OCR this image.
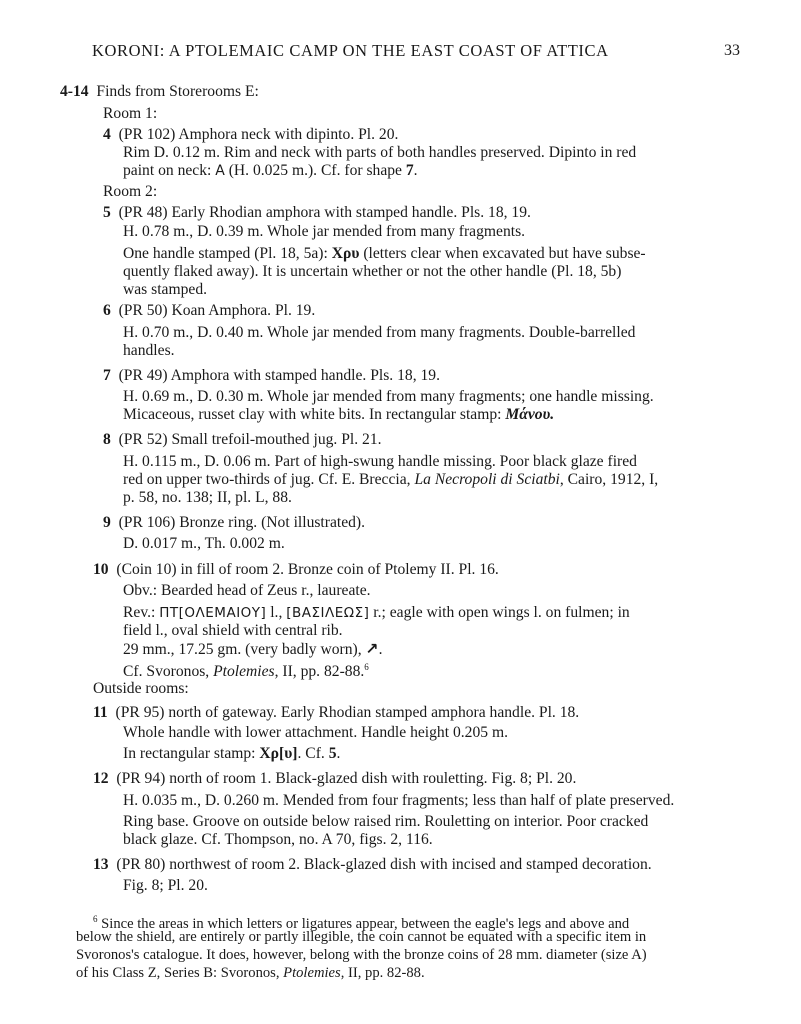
KORONI: A PTOLEMAIC CAMP ON THE EAST COAST OF ATTICA	33
4-14 Finds from Storerooms E:
Room 1:
4 (PR 102) Amphora neck with dipinto. Pl. 20.
Rim D. 0.12 m. Rim and neck with parts of both handles preserved. Dipinto in red
paint on neck: A (H. 0.025 m.). Cf. for shape 7.
Room 2:
5 (PR 48) Early Rhodian amphora with stamped handle. Pls. 18, 19.
H. 0.78 m., D. 0.39 m. Whole jar mended from many fragments.
One handle stamped (Pl. 18, 5a): Χρυ (letters clear when excavated but have subse-
quently flaked away). It is uncertain whether or not the other handle (Pl. 18, 5b)
was stamped.
6 (PR 50) Koan Amphora. Pl. 19.
H. 0.70 m., D. 0.40 m. Whole jar mended from many fragments. Double-barrelled
handles.
7 (PR 49) Amphora with stamped handle. Pls. 18, 19.
H. 0.69 m., D. 0.30 m. Whole jar mended from many fragments; one handle missing.
Micaceous, russet clay with white bits. In rectangular stamp: Μάνου.
8 (PR 52) Small trefoil-mouthed jug. Pl. 21.
H. 0.115 m., D. 0.06 m. Part of high-swung handle missing. Poor black glaze fired
red on upper two-thirds of jug. Cf. E. Breccia, La Necropoli di Sciatbi, Cairo, 1912, I,
p. 58, no. 138; II, pl. L, 88.
9 (PR 106) Bronze ring. (Not illustrated).
D. 0.017 m., Th. 0.002 m.
10 (Coin 10) in fill of room 2. Bronze coin of Ptolemy II. Pl. 16.
Obv.: Bearded head of Zeus r., laureate.
Rev.: ΠΤ[ΟΛΕΜΑΙΟΥ] l., [ΒΑΣΙΛΕΩΣ] r.; eagle with open wings l. on fulmen; in
field l., oval shield with central rib.
29 mm., 17.25 gm. (very badly worn), ↗.
Cf. Svoronos, Ptolemies, II, pp. 82-88.$^6$
Outside rooms:
11 (PR 95) north of gateway. Early Rhodian stamped amphora handle. Pl. 18.
Whole handle with lower attachment. Handle height 0.205 m.
In rectangular stamp: Χρ[υ]. Cf. 5.
12 (PR 94) north of room 1. Black-glazed dish with rouletting. Fig. 8; Pl. 20.
H. 0.035 m., D. 0.260 m. Mended from four fragments; less than half of plate preserved.
Ring base. Groove on outside below raised rim. Rouletting on interior. Poor cracked
black glaze. Cf. Thompson, no. A 70, figs. 2, 116.
13 (PR 80) northwest of room 2. Black-glazed dish with incised and stamped decoration.
Fig. 8; Pl. 20.
$^6$ Since the areas in which letters or ligatures appear, between the eagle's legs and above and
below the shield, are entirely or partly illegible, the coin cannot be equated with a specific item in
Svoronos's catalogue. It does, however, belong with the bronze coins of 28 mm. diameter (size A)
of his Class Z, Series B: Svoronos, Ptolemies, II, pp. 82-88.
